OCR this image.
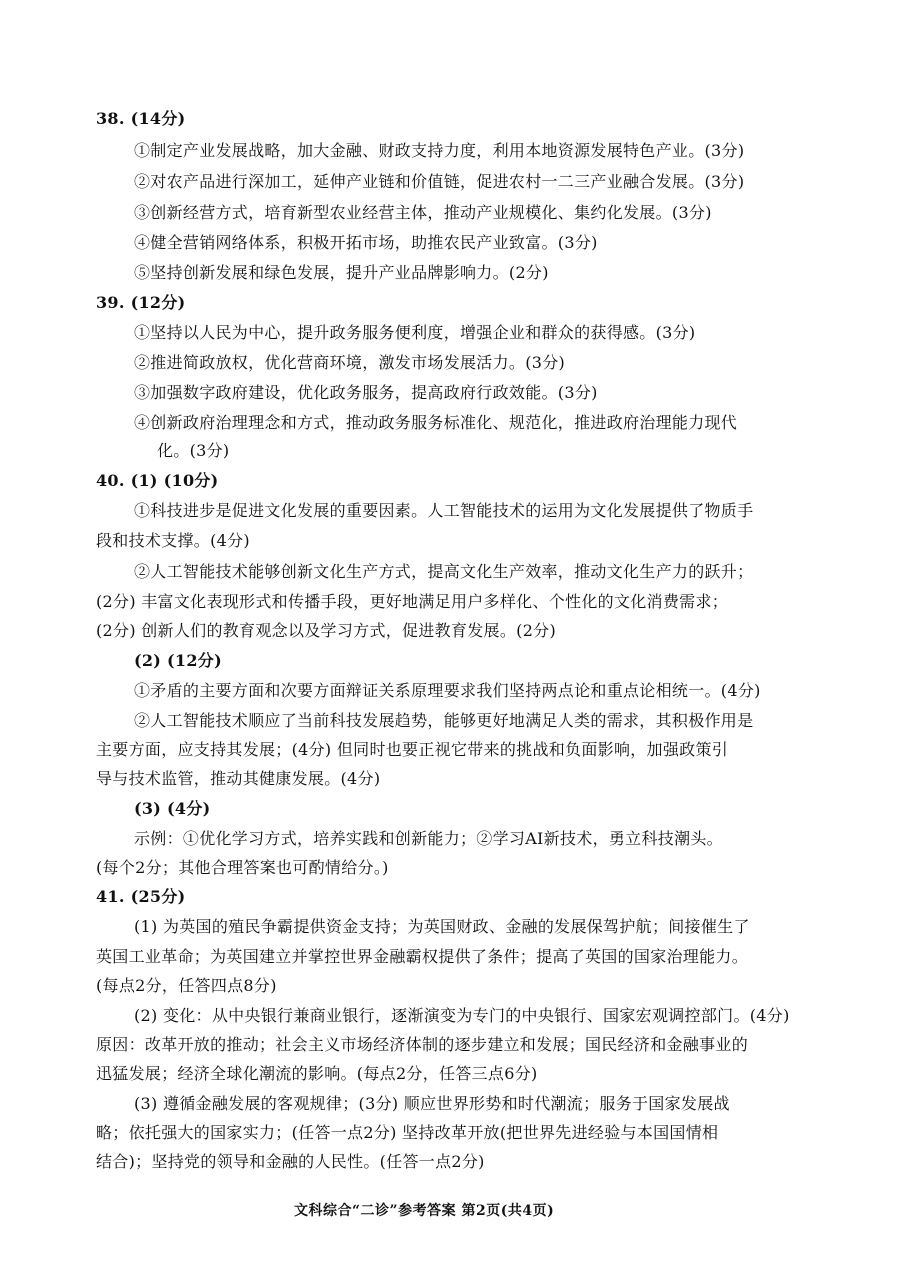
38. (14分)

①制定产业发展战略，加大金融、财政支持力度，利用本地资源发展特色产业。(3分)

②对农产品进行深加工，延伸产业链和价值链，促进农村一二三产业融合发展。(3分)

③创新经营方式，培育新型农业经营主体，推动产业规模化、集约化发展。(3分)

④健全营销网络体系，积极开拓市场，助推农民产业致富。(3分)

⑤坚持创新发展和绿色发展，提升产业品牌影响力。(2分)

39. (12分)

①坚持以人民为中心，提升政务服务便利度，增强企业和群众的获得感。(3分)

②推进简政放权，优化营商环境，激发市场发展活力。(3分)

③加强数字政府建设，优化政务服务，提高政府行政效能。(3分)

④创新政府治理理念和方式，推动政务服务标准化、规范化，推进政府治理能力现代

化。(3分)

40. (1) (10分)

①科技进步是促进文化发展的重要因素。人工智能技术的运用为文化发展提供了物质手

段和技术支撑。(4分)

②人工智能技术能够创新文化生产方式，提高文化生产效率，推动文化生产力的跃升；

(2分) 丰富文化表现形式和传播手段，更好地满足用户多样化、个性化的文化消费需求；

(2分) 创新人们的教育观念以及学习方式，促进教育发展。(2分)

(2) (12分)

①矛盾的主要方面和次要方面辩证关系原理要求我们坚持两点论和重点论相统一。(4分)

②人工智能技术顺应了当前科技发展趋势，能够更好地满足人类的需求，其积极作用是

主要方面，应支持其发展；(4分) 但同时也要正视它带来的挑战和负面影响，加强政策引

导与技术监管，推动其健康发展。(4分)

(3) (4分)

示例：①优化学习方式，培养实践和创新能力；②学习AI新技术，勇立科技潮头。

(每个2分；其他合理答案也可酌情给分。)

41. (25分)

(1) 为英国的殖民争霸提供资金支持；为英国财政、金融的发展保驾护航；间接催生了

英国工业革命；为英国建立并掌控世界金融霸权提供了条件；提高了英国的国家治理能力。

(每点2分，任答四点8分)

(2) 变化：从中央银行兼商业银行，逐渐演变为专门的中央银行、国家宏观调控部门。(4分)

原因：改革开放的推动；社会主义市场经济体制的逐步建立和发展；国民经济和金融事业的

迅猛发展；经济全球化潮流的影响。(每点2分，任答三点6分)

(3) 遵循金融发展的客观规律；(3分) 顺应世界形势和时代潮流；服务于国家发展战

略；依托强大的国家实力；(任答一点2分) 坚持改革开放(把世界先进经验与本国国情相

结合)；坚持党的领导和金融的人民性。(任答一点2分)

文科综合“二诊”参考答案 第2页(共4页)
